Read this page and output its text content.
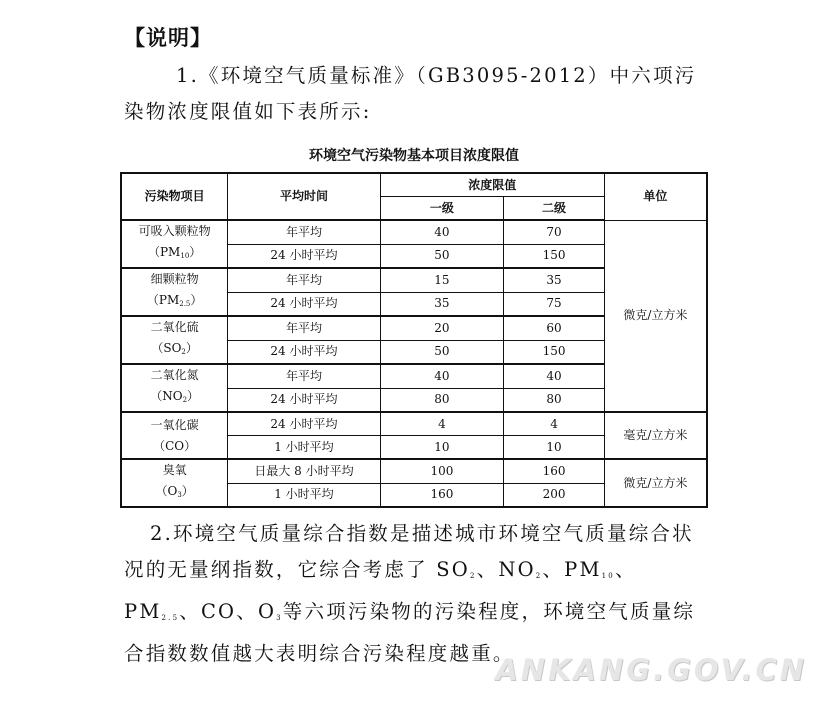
【说明】
1.《环境空气质量标准》（GB3095-2012）中六项污染物浓度限值如下表所示:
环境空气污染物基本项目浓度限值
污染物项目	平均时间	浓度限值		单位
		一级	二级	
可吸入颗粒物
$(PM_{10})$	年平均	40	70	微克/立方米
	24 小时平均	50	150	
细颗粒物
$(PM_{2.5})$	年平均	15	35	
	24 小时平均	35	75	
二氧化硫
$(SO_2)$	年平均	20	60	
	24 小时平均	50	150	
二氧化氮
$(NO_2)$	年平均	40	40	
	24 小时平均	80	80	
一氧化碳
（CO）	24 小时平均	4	4	毫克/立方米
	1 小时平均	10	10	
臭氧
$(O_3)$	日最大 8 小时平均	100	160	微克/立方米
	1 小时平均	160	200	
2.环境空气质量综合指数是描述城市环境空气质量综合状况的无量纲指数，它综合考虑了 $SO_2$、$NO_2$、$PM_{10}$、$PM_{2.5}$、CO、$O_3$等六项污染物的污染程度，环境空气质量综合指数数值越大表明综合污染程度越重。
ANKANG.GOV.CN
